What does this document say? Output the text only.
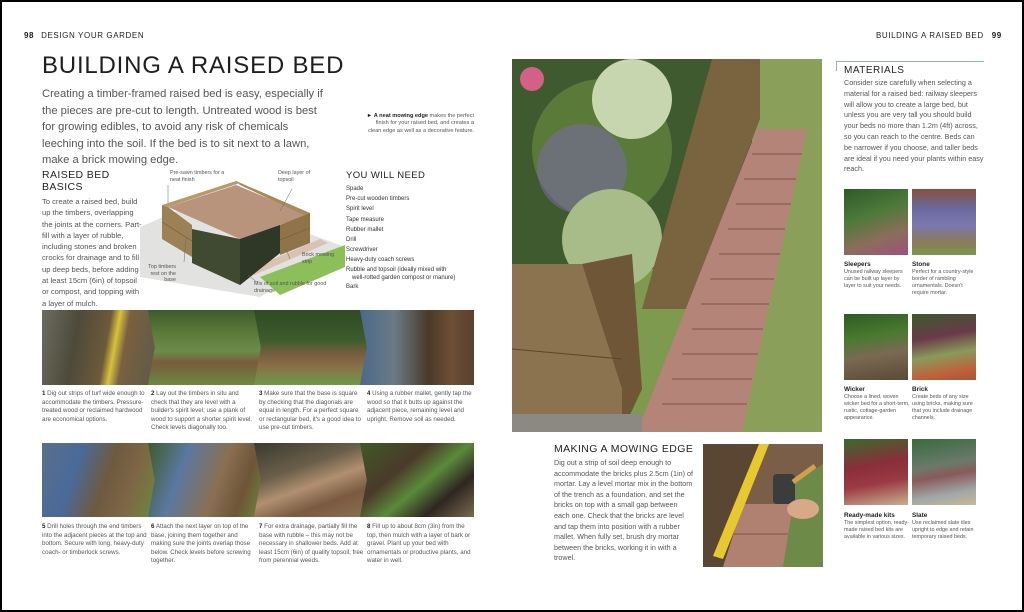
98 DESIGN YOUR GARDEN
BUILDING A RAISED BED

Creating a timber-framed raised bed is easy, especially if the pieces are pre-cut to length. Untreated wood is best for growing edibles, to avoid any risk of chemicals leeching into the soil. If the bed is to sit next to a lawn, make a brick mowing edge.

► A neat mowing edge makes the perfect finish for your raised bed, and creates a clean edge as well as a decorative feature.

RAISED BED BASICS

To create a raised bed, build up the timbers, overlapping the joints at the corners. Part-fill with a layer of rubble, including stones and broken crocks for drainage and to fill up deep beds, before adding at least 15cm (6in) of topsoil or compost, and topping with a layer of mulch.

Pre-sawn timbers for a neat finish

Deep layer of topsoil

Top timbers rest on the base

Brick mowing strip

Mix of soil and rubble for good drainage

YOU WILL NEED
Spade
Pre-cut wooden timbers
Spirit level
Tape measure
Rubber mallet
Drill
Screwdriver
Heavy-duty coach screws
Rubble and topsoil (ideally mixed with
well-rotted garden compost or manure)
Bark
1 Dig out strips of turf wide enough to accommodate the timbers. Pressure-treated wood or reclaimed hardwood are economical options.
2 Lay out the timbers in situ and check that they are level with a builder's spirit level; use a plank of wood to support a shorter spirit level. Check levels diagonally too.
3 Make sure that the base is square by checking that the diagonals are equal in length. For a perfect square or rectangular bed, it's a good idea to use pre-cut timbers.
4 Using a rubber mallet, gently tap the wood so that it butts up against the adjacent piece, remaining level and upright. Remove soil as needed.
5 Drill holes through the end timbers into the adjacent pieces at the top and bottom. Secure with long, heavy-duty coach- or timberlock screws.
6 Attach the next layer on top of the base, joining them together and making sure the joints overlap those below. Check levels before screwing together.
7 For extra drainage, partially fill the base with rubble – this may not be necessary in shallower beds. Add at least 15cm (6in) of quality topsoil, free from perennial weeds.
8 Fill up to about 8cm (3in) from the top, then mulch with a layer of bark or gravel. Plant up your bed with ornamentals or productive plants, and water in well.
BUILDING A RAISED BED 99
MATERIALS

Consider size carefully when selecting a material for a raised bed: railway sleepers will allow you to create a large bed, but unless you are very tall you should build your beds no more than 1.2m (4ft) across, so you can reach to the centre. Beds can be narrower if you choose, and taller beds are ideal if you need your plants within easy reach.

Sleepers
Unused railway sleepers can be built up layer by layer to suit your needs.
Stone
Perfect for a country-style border of rambling ornamentals. Doesn't require mortar.
Wicker
Choose a lined, woven wicker bed for a short-term, rustic, cottage-garden appearance.
Brick
Create beds of any size using bricks, making sure that you include drainage channels.
Ready-made kits
The simplest option, ready-made raised bed kits are available in various sizes.
Slate
Use reclaimed slate tiles upright to edge and retain temporary raised beds.
MAKING A MOWING EDGE

Dig out a strip of soil deep enough to accommodate the bricks plus 2.5cm (1in) of mortar. Lay a level mortar mix in the bottom of the trench as a foundation, and set the bricks on top with a small gap between each one. Check that the bricks are level and tap them into position with a rubber mallet. When fully set, brush dry mortar between the bricks, working it in with a trowel.
